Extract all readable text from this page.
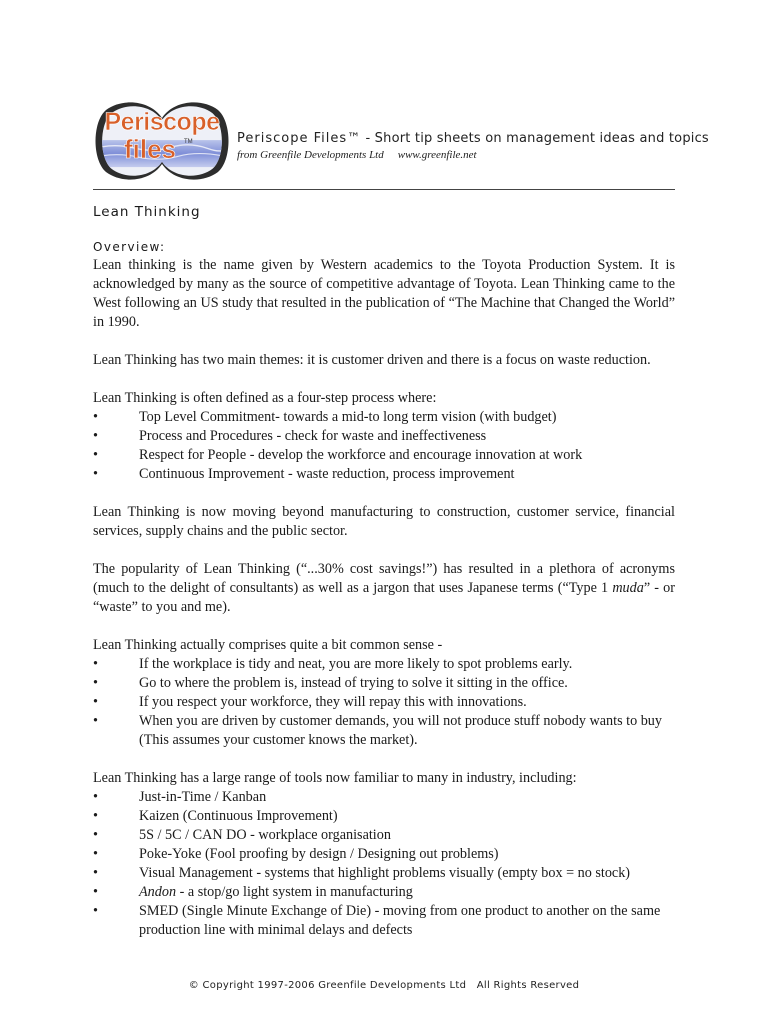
Periscope
files TM	Periscope Files™ - Short tip sheets on management ideas and topics
from Greenfile Developments Ltd www.greenfile.net
Lean Thinking
Overview:

Lean thinking is the name given by Western academics to the Toyota Production System. It is acknowledged by many as the source of competitive advantage of Toyota. Lean Thinking came to the West following an US study that resulted in the publication of “The Machine that Changed the World” in 1990.

Lean Thinking has two main themes: it is customer driven and there is a focus on waste reduction.

Lean Thinking is often defined as a four-step process where:

• Top Level Commitment- towards a mid-to long term vision (with budget)
• Process and Procedures - check for waste and ineffectiveness
• Respect for People - develop the workforce and encourage innovation at work
• Continuous Improvement - waste reduction, process improvement

Lean Thinking is now moving beyond manufacturing to construction, customer service, financial services, supply chains and the public sector.

The popularity of Lean Thinking (“...30% cost savings!”) has resulted in a plethora of acronyms (much to the delight of consultants) as well as a jargon that uses Japanese terms (“Type 1 muda” - or “waste” to you and me).

Lean Thinking actually comprises quite a bit common sense -

• If the workplace is tidy and neat, you are more likely to spot problems early.
• Go to where the problem is, instead of trying to solve it sitting in the office.
• If you respect your workforce, they will repay this with innovations.
• When you are driven by customer demands, you will not produce stuff nobody wants to buy (This assumes your customer knows the market).

Lean Thinking has a large range of tools now familiar to many in industry, including:

• Just-in-Time / Kanban
• Kaizen (Continuous Improvement)
• 5S / 5C / CAN DO - workplace organisation
• Poke-Yoke (Fool proofing by design / Designing out problems)
• Visual Management - systems that highlight problems visually (empty box = no stock)
• Andon - a stop/go light system in manufacturing
• SMED (Single Minute Exchange of Die) - moving from one product to another on the same production line with minimal delays and defects
© Copyright 1997-2006 Greenfile Developments Ltd All Rights Reserved
